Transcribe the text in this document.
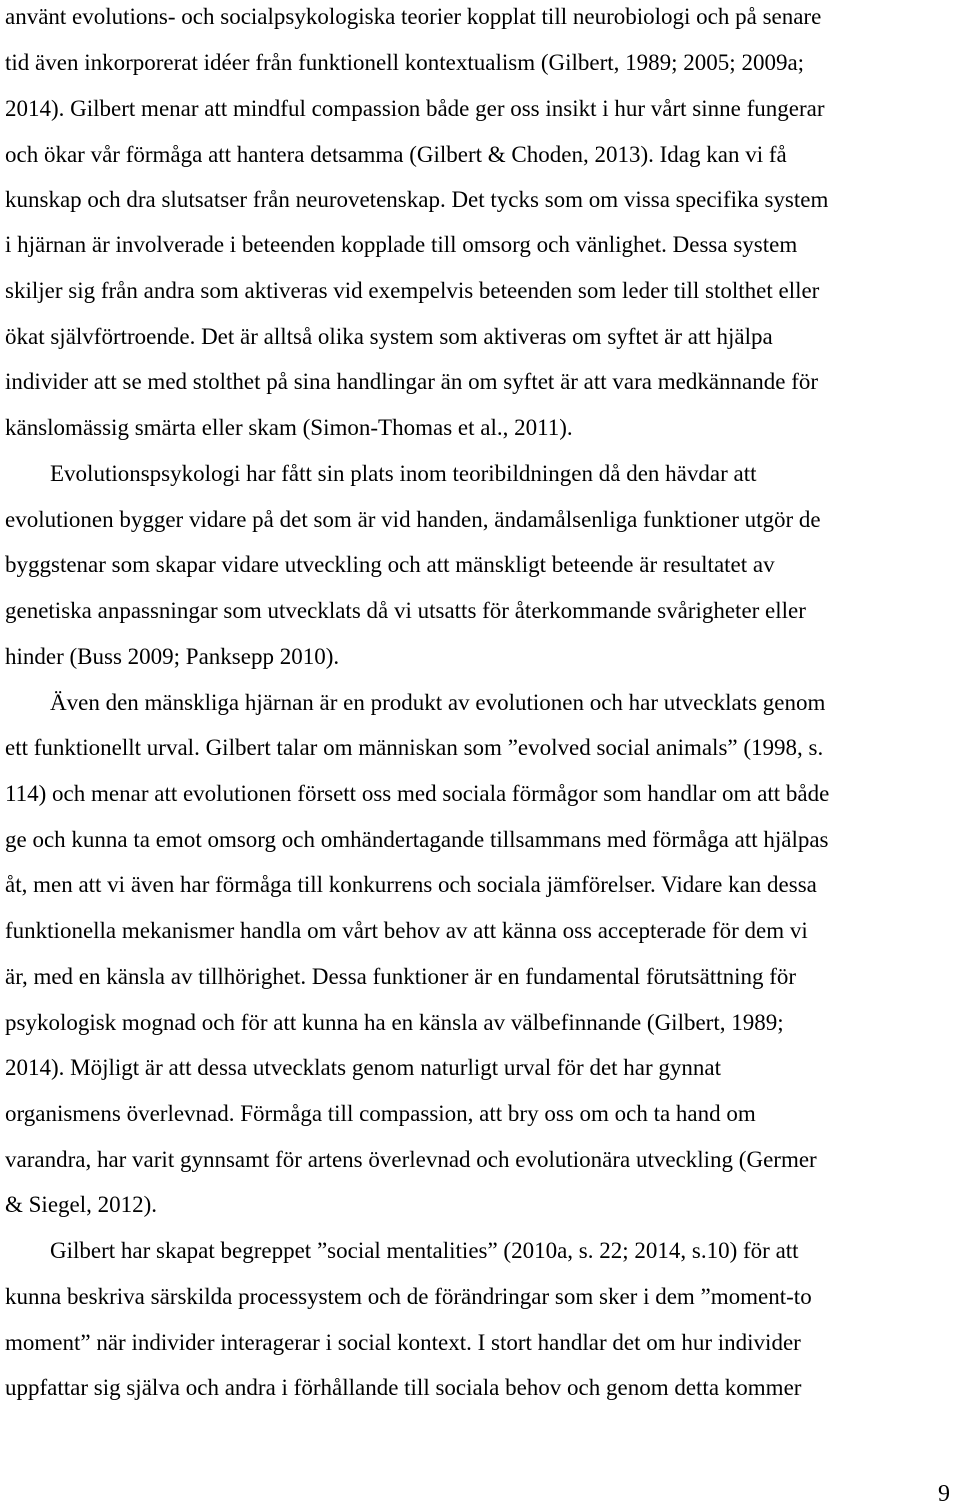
använt evolutions- och socialpsykologiska teorier kopplat till neurobiologi och på senare
tid även inkorporerat idéer från funktionell kontextualism (Gilbert, 1989; 2005; 2009a;
2014). Gilbert menar att mindful compassion både ger oss insikt i hur vårt sinne fungerar
och ökar vår förmåga att hantera detsamma (Gilbert & Choden, 2013). Idag kan vi få
kunskap och dra slutsatser från neurovetenskap. Det tycks som om vissa specifika system
i hjärnan är involverade i beteenden kopplade till omsorg och vänlighet. Dessa system
skiljer sig från andra som aktiveras vid exempelvis beteenden som leder till stolthet eller
ökat självförtroende. Det är alltså olika system som aktiveras om syftet är att hjälpa
individer att se med stolthet på sina handlingar än om syftet är att vara medkännande för
känslomässig smärta eller skam (Simon-Thomas et al., 2011).
Evolutionspsykologi har fått sin plats inom teoribildningen då den hävdar att
evolutionen bygger vidare på det som är vid handen, ändamålsenliga funktioner utgör de
byggstenar som skapar vidare utveckling och att mänskligt beteende är resultatet av
genetiska anpassningar som utvecklats då vi utsatts för återkommande svårigheter eller
hinder (Buss 2009; Panksepp 2010).
Även den mänskliga hjärnan är en produkt av evolutionen och har utvecklats genom
ett funktionellt urval. Gilbert talar om människan som ”evolved social animals” (1998, s.
114) och menar att evolutionen försett oss med sociala förmågor som handlar om att både
ge och kunna ta emot omsorg och omhändertagande tillsammans med förmåga att hjälpas
åt, men att vi även har förmåga till konkurrens och sociala jämförelser. Vidare kan dessa
funktionella mekanismer handla om vårt behov av att känna oss accepterade för dem vi
är, med en känsla av tillhörighet. Dessa funktioner är en fundamental förutsättning för
psykologisk mognad och för att kunna ha en känsla av välbefinnande (Gilbert, 1989;
2014). Möjligt är att dessa utvecklats genom naturligt urval för det har gynnat
organismens överlevnad. Förmåga till compassion, att bry oss om och ta hand om
varandra, har varit gynnsamt för artens överlevnad och evolutionära utveckling (Germer
& Siegel, 2012).
Gilbert har skapat begreppet ”social mentalities” (2010a, s. 22; 2014, s.10) för att
kunna beskriva särskilda processystem och de förändringar som sker i dem ”moment-to
moment” när individer interagerar i social kontext. I stort handlar det om hur individer
uppfattar sig själva och andra i förhållande till sociala behov och genom detta kommer
9
